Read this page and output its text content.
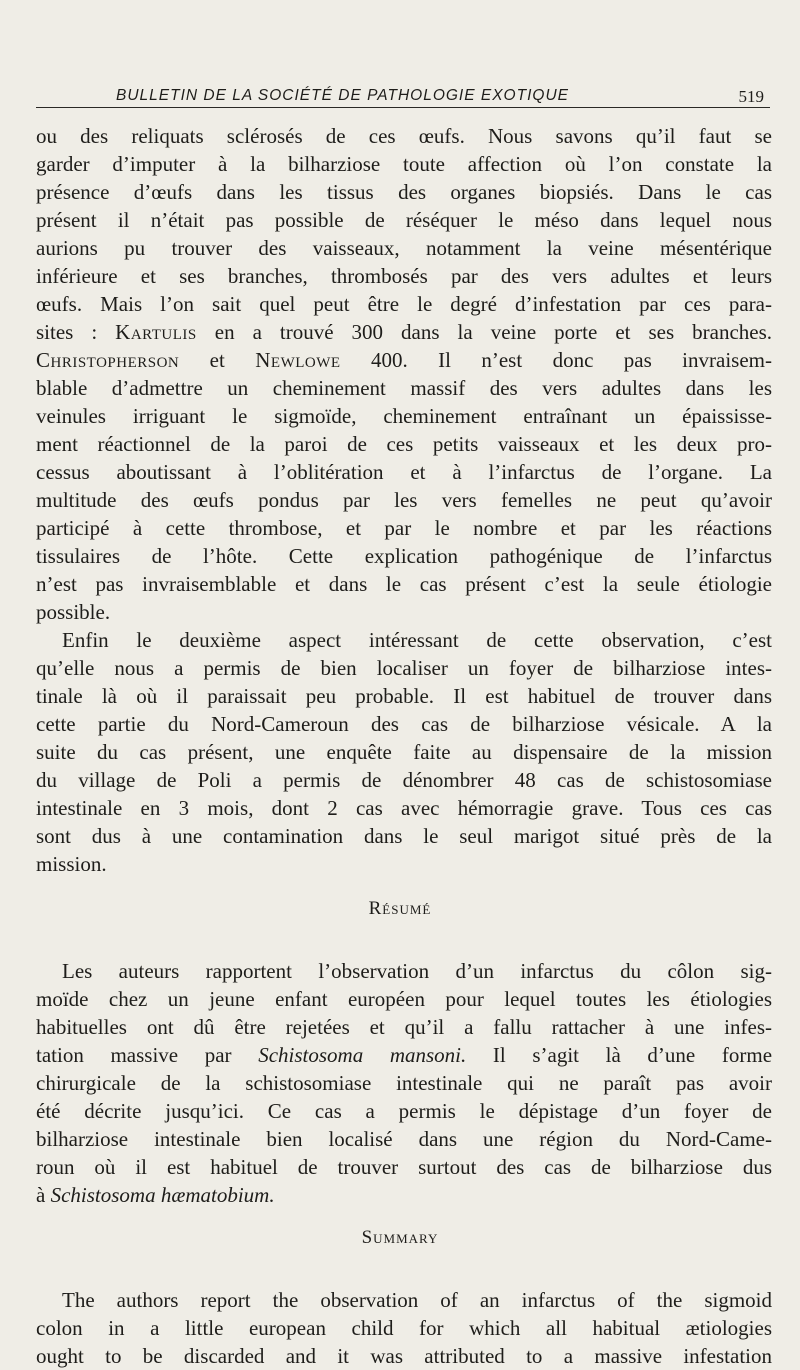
BULLETIN DE LA SOCIÉTÉ DE PATHOLOGIE EXOTIQUE	519
ou des reliquats sclérosés de ces œufs. Nous savons qu’il faut se
garder d’imputer à la bilharziose toute affection où l’on constate la
présence d’œufs dans les tissus des organes biopsiés. Dans le cas
présent il n’était pas possible de réséquer le méso dans lequel nous
aurions pu trouver des vaisseaux, notamment la veine mésentérique
inférieure et ses branches, thrombosés par des vers adultes et leurs
œufs. Mais l’on sait quel peut être le degré d’infestation par ces para-
sites : Kartulis en a trouvé 300 dans la veine porte et ses branches.
Christopherson et Newlowe 400. Il n’est donc pas invraisem-
blable d’admettre un cheminement massif des vers adultes dans les
veinules irriguant le sigmoïde, cheminement entraînant un épaississe-
ment réactionnel de la paroi de ces petits vaisseaux et les deux pro-
cessus aboutissant à l’oblitération et à l’infarctus de l’organe. La
multitude des œufs pondus par les vers femelles ne peut qu’avoir
participé à cette thrombose, et par le nombre et par les réactions
tissulaires de l’hôte. Cette explication pathogénique de l’infarctus
n’est pas invraisemblable et dans le cas présent c’est la seule étiologie
possible.
Enfin le deuxième aspect intéressant de cette observation, c’est
qu’elle nous a permis de bien localiser un foyer de bilharziose intes-
tinale là où il paraissait peu probable. Il est habituel de trouver dans
cette partie du Nord-Cameroun des cas de bilharziose vésicale. A la
suite du cas présent, une enquête faite au dispensaire de la mission
du village de Poli a permis de dénombrer 48 cas de schistosomiase
intestinale en 3 mois, dont 2 cas avec hémorragie grave. Tous ces cas
sont dus à une contamination dans le seul marigot situé près de la
mission.
Résumé
Les auteurs rapportent l’observation d’un infarctus du côlon sig-
moïde chez un jeune enfant européen pour lequel toutes les étiologies
habituelles ont dû être rejetées et qu’il a fallu rattacher à une infes-
tation massive par Schistosoma mansoni. Il s’agit là d’une forme
chirurgicale de la schistosomiase intestinale qui ne paraît pas avoir
été décrite jusqu’ici. Ce cas a permis le dépistage d’un foyer de
bilharziose intestinale bien localisé dans une région du Nord-Came-
roun où il est habituel de trouver surtout des cas de bilharziose dus
à Schistosoma hæmatobium.
Summary
The authors report the observation of an infarctus of the sigmoid
colon in a little european child for which all habitual ætiologies
ought to be discarded and it was attributed to a massive infestation
